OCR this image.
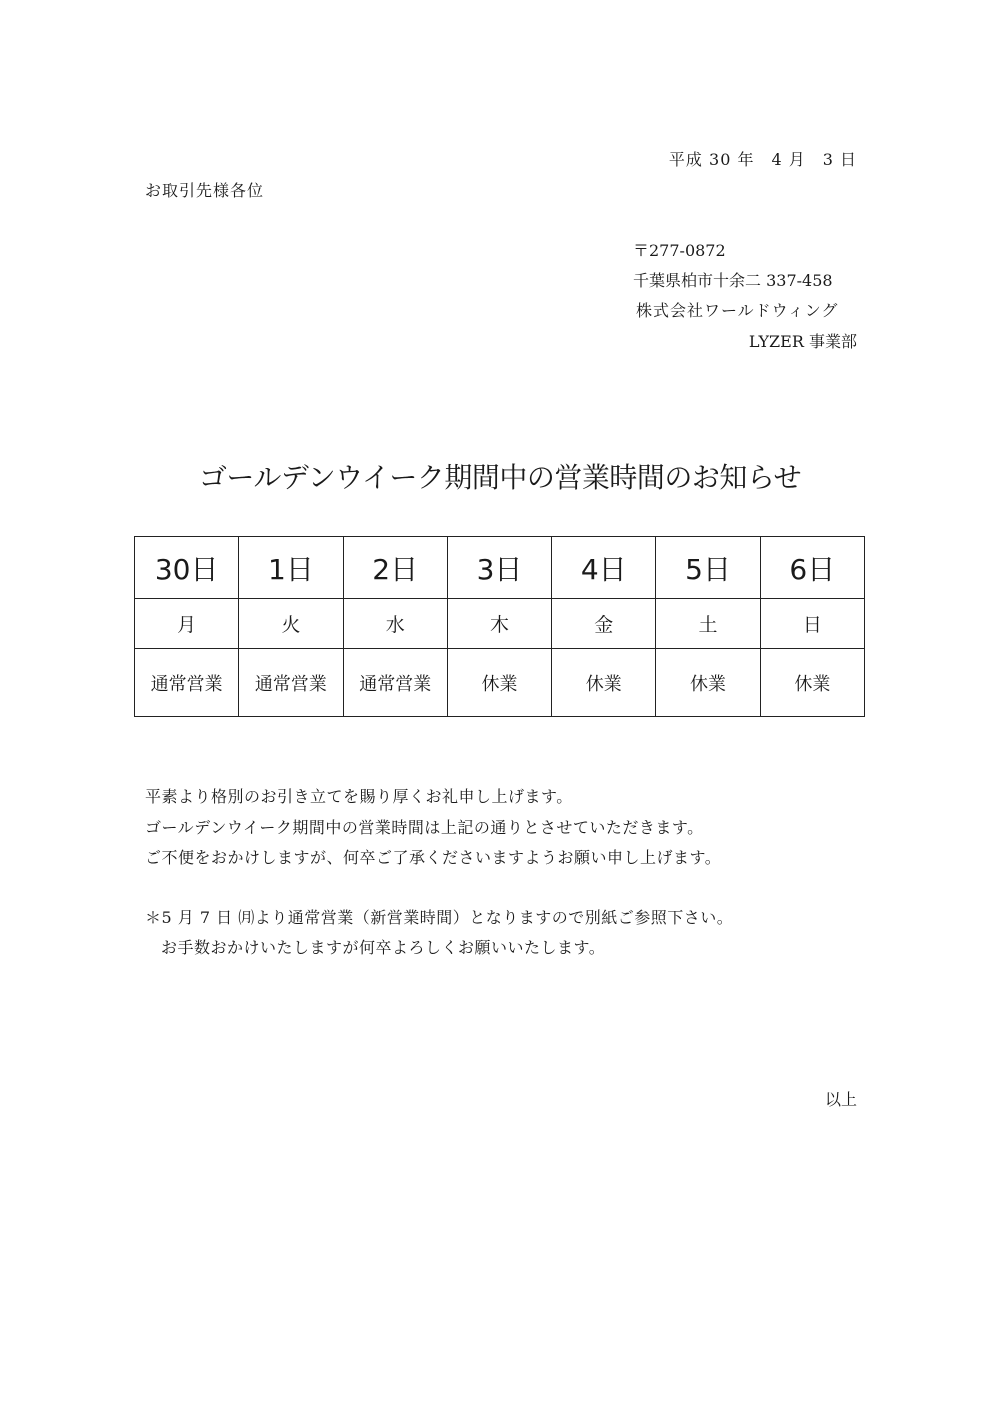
平成 30 年　4 月　3 日
お取引先様各位
〒277-0872
千葉県柏市十余二 337-458
株式会社ワールドウィング
LYZER 事業部
ゴールデンウイーク期間中の営業時間のお知らせ
30日	1日	2日	3日	4日	5日	6日
月	火	水	木	金	土	日
通常営業	通常営業	通常営業	休業	休業	休業	休業
平素より格別のお引き立てを賜り厚くお礼申し上げます。
ゴールデンウイーク期間中の営業時間は上記の通りとさせていただきます。
ご不便をおかけしますが、何卒ご了承くださいますようお願い申し上げます。
＊5 月 7 日 ㈪より通常営業（新営業時間）となりますので別紙ご参照下さい。
お手数おかけいたしますが何卒よろしくお願いいたします。
以上
